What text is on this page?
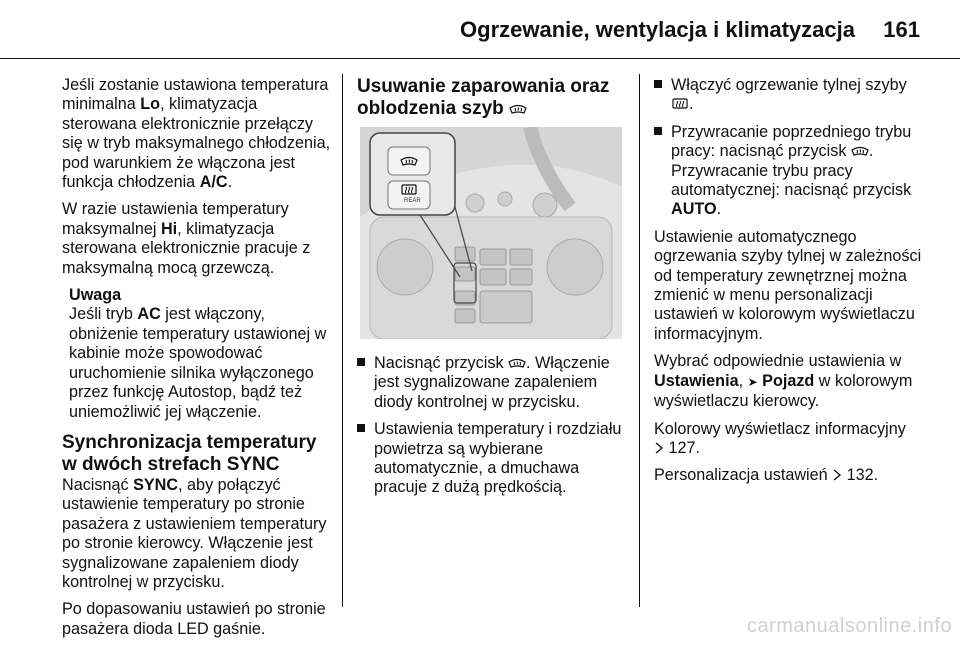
Ogrzewanie, wentylacja i klimatyzacja 161

Jeśli zostanie ustawiona temperatura minimalna Lo, klimatyzacja sterowana elektronicznie przełączy się w tryb maksymalnego chłodzenia, pod warunkiem że włączona jest funkcja chłodzenia A/C.

W razie ustawienia temperatury maksymalnej Hi, klimatyzacja sterowana elektronicznie pracuje z maksymalną mocą grzewczą.

Uwaga
Jeśli tryb AC jest włączony, obniżenie temperatury ustawionej w kabinie może spowodować uruchomienie silnika wyłączonego przez funkcję Autostop, bądź też uniemożliwić jej włączenie.
Synchronizacja temperatury w dwóch strefach SYNC

Nacisnąć SYNC, aby połączyć ustawienie temperatury po stronie pasażera z ustawieniem temperatury po stronie kierowcy. Włączenie jest sygnalizowane zapaleniem diody kontrolnej w przycisku.

Po dopasowaniu ustawień po stronie pasażera dioda LED gaśnie.

Usuwanie zaparowania oraz oblodzenia szyb
REAR
Nacisnąć przycisk . Włączenie jest sygnalizowane zapaleniem diody kontrolnej w przycisku.
Ustawienia temperatury i rozdziału powietrza są wybierane automatycznie, a dmuchawa pracuje z dużą prędkością.
Włączyć ogrzewanie tylnej szyby
.
Przywracanie poprzedniego trybu pracy: nacisnąć przycisk . Przywracanie trybu pracy automatycznej: nacisnąć przycisk AUTO.

Ustawienie automatycznego ogrzewania szyby tylnej w zależności od temperatury zewnętrznej można zmienić w menu personalizacji ustawień w kolorowym wyświetlaczu informacyjnym.

Wybrać odpowiednie ustawienia w Ustawienia, ➤ Pojazd w kolorowym wyświetlaczu kierowcy.

Kolorowy wyświetlacz informacyjny
127.

Personalizacja ustawień 132.

carmanualsonline.info
